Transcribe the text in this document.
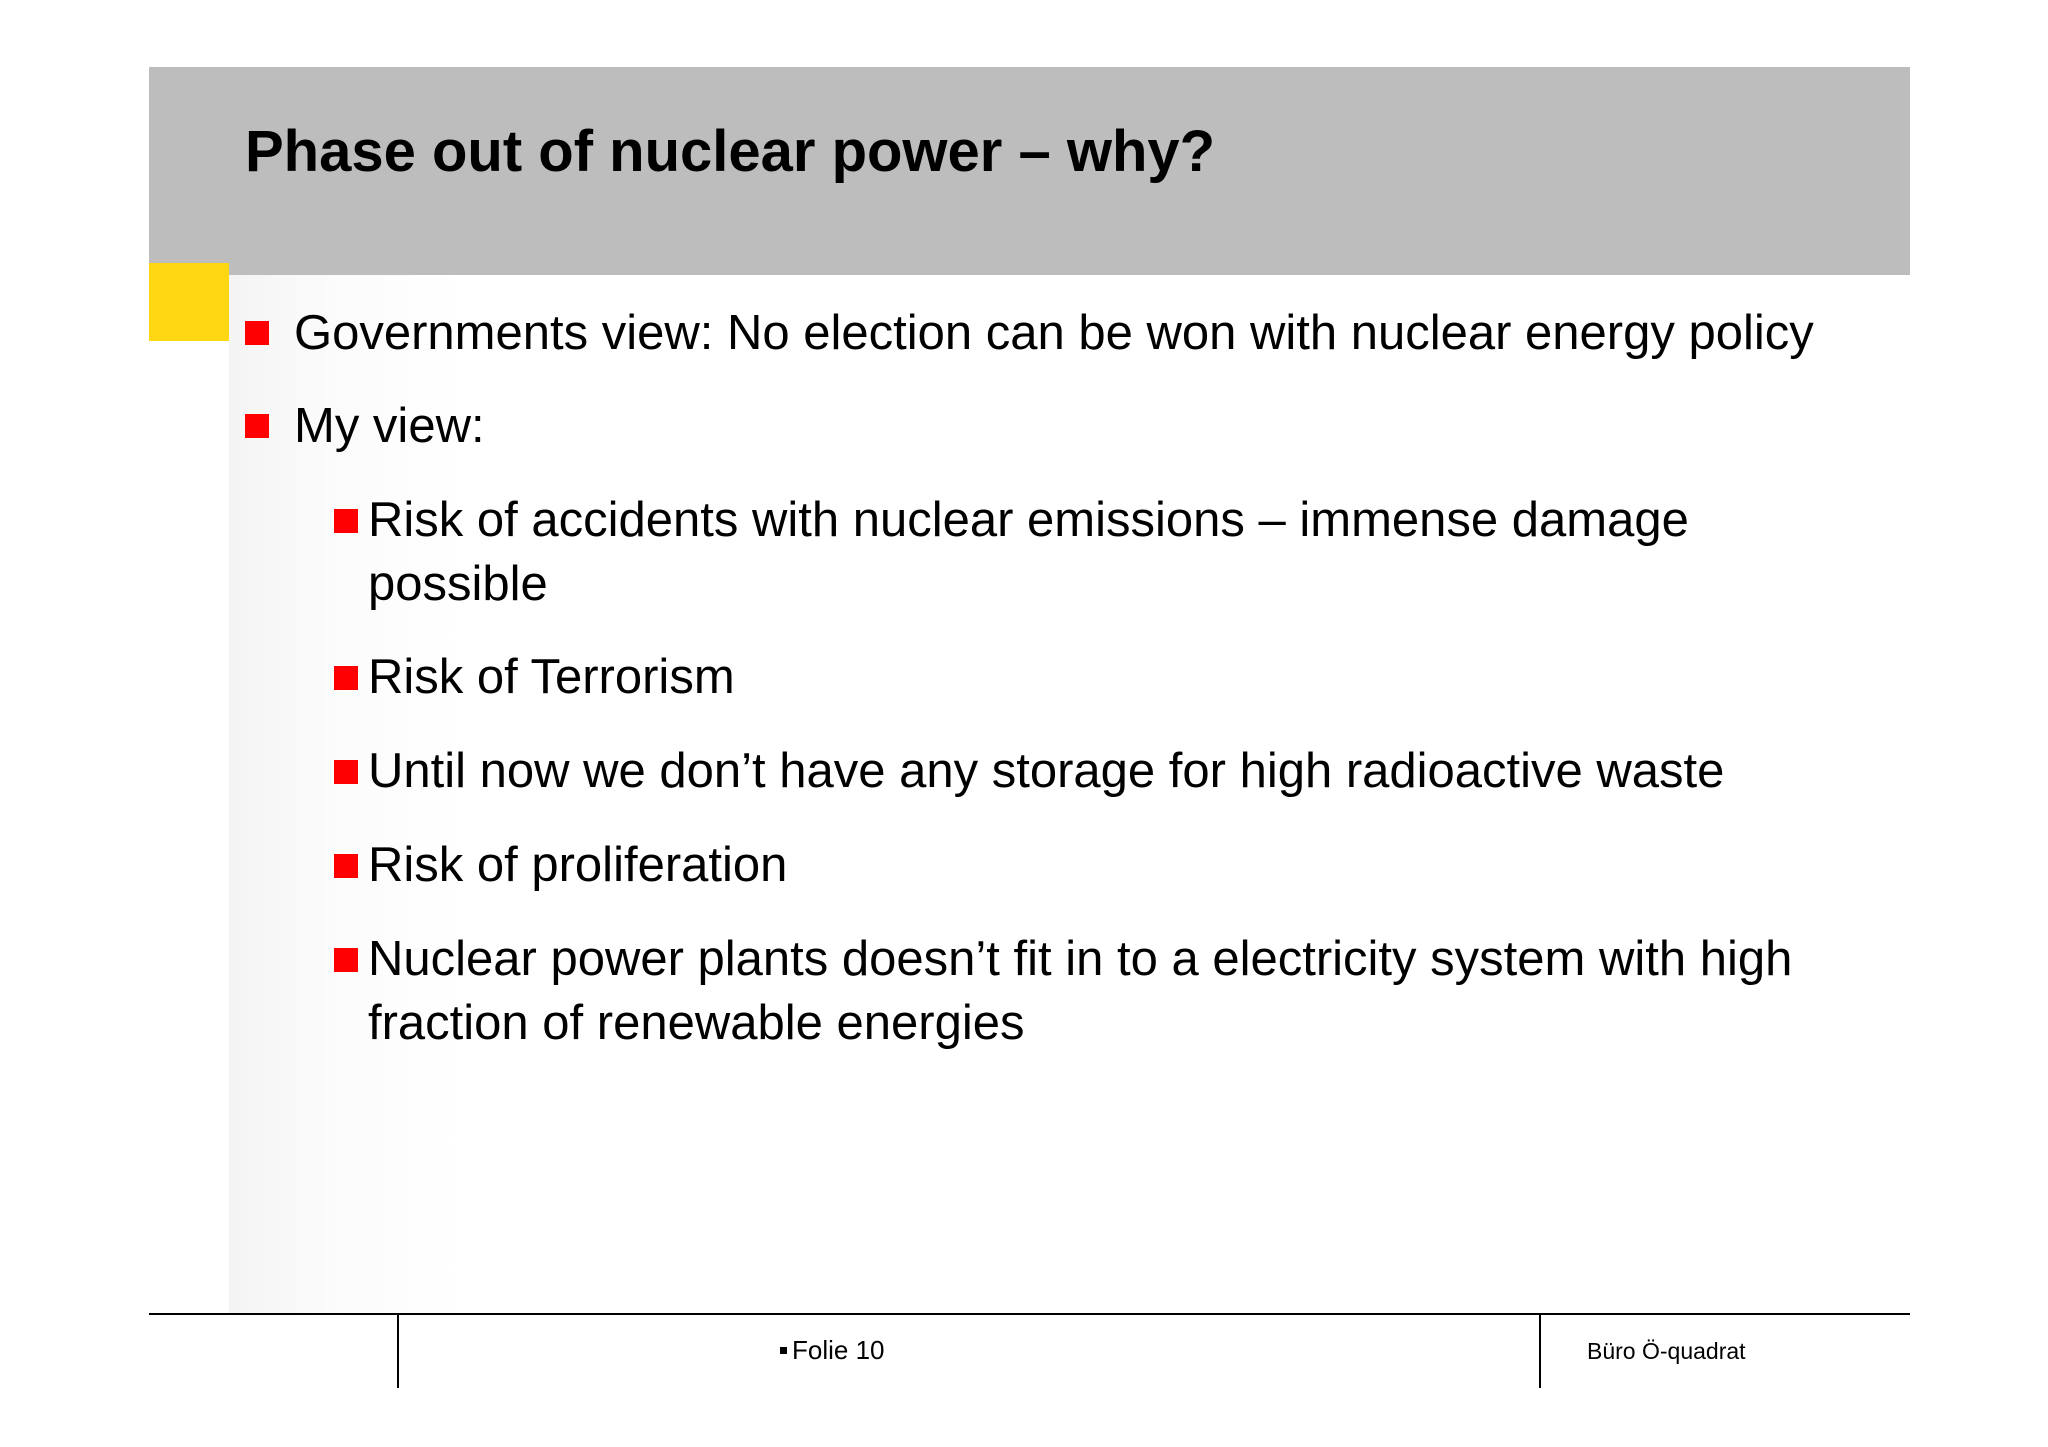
Phase out of nuclear power – why?
Governments view: No election can be won with nuclear energy policy
My view:
Risk of accidents with nuclear emissions – immense damage
possible
Risk of Terrorism
Until now we don’t have any storage for high radioactive waste
Risk of proliferation
Nuclear power plants doesn’t fit in to a electricity system with high
fraction of renewable energies
Folie 10	Büro Ö-quadrat
